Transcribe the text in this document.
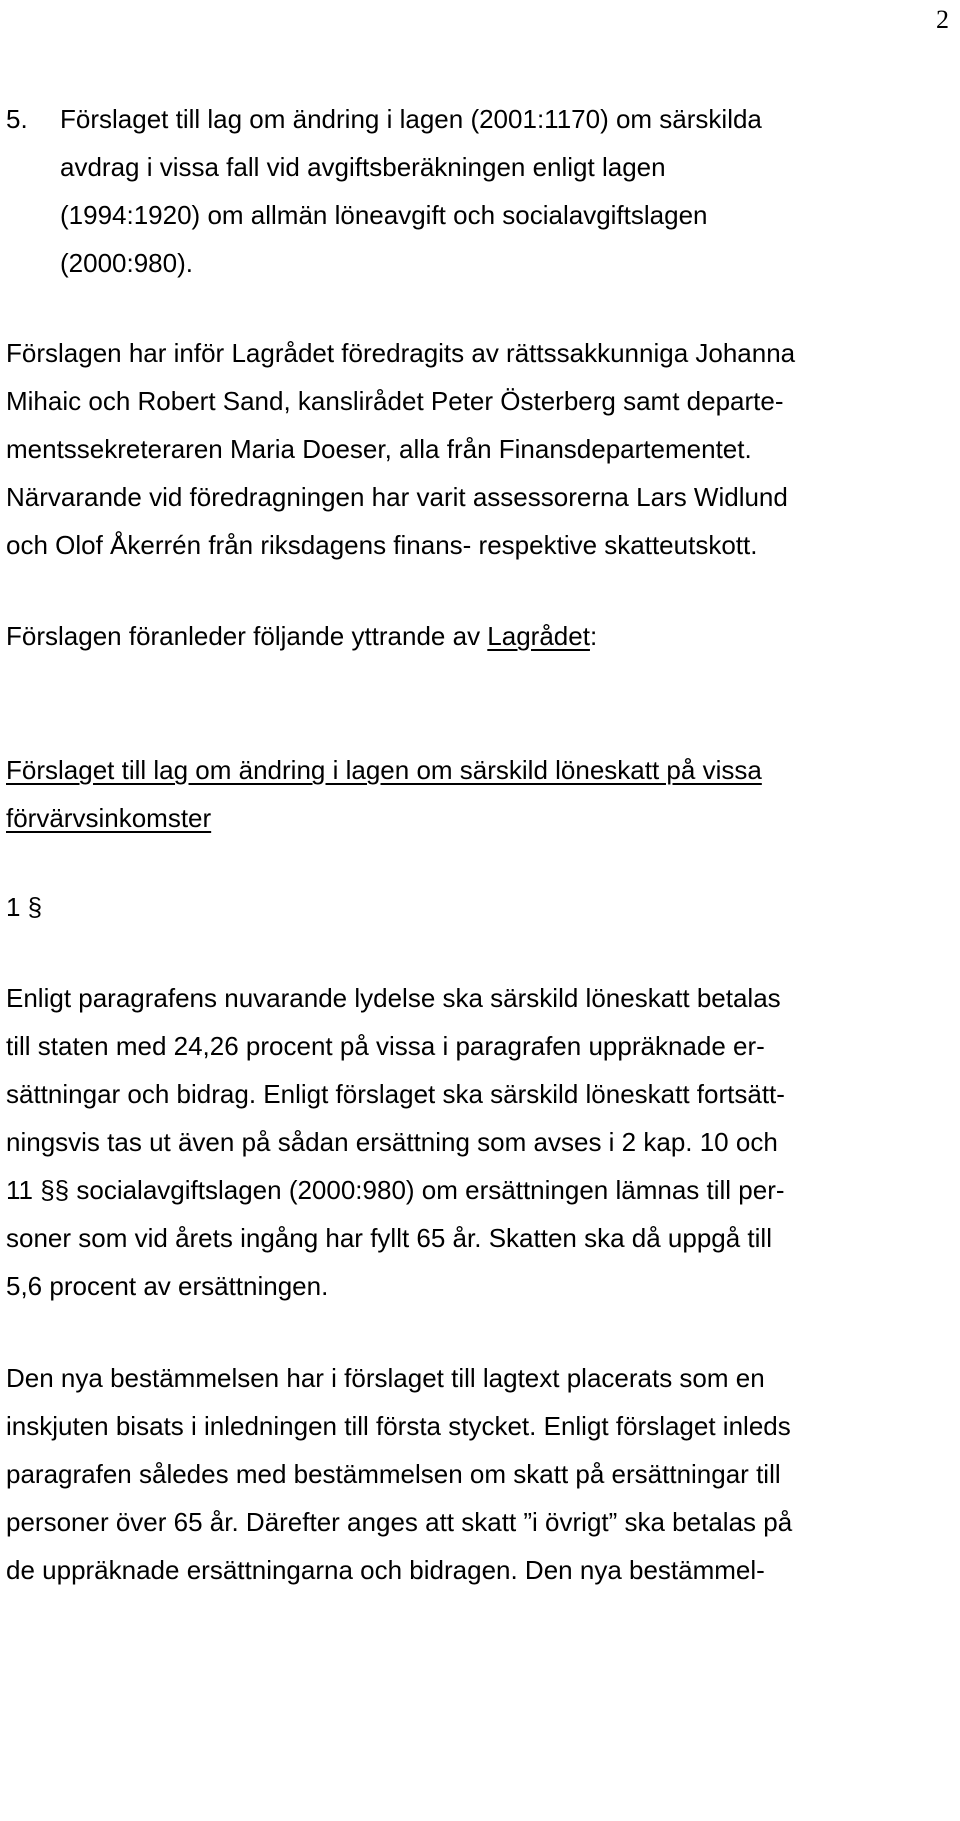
2
5. Förslaget till lag om ändring i lagen (2001:1170) om särskilda
avdrag i vissa fall vid avgiftsberäkningen enligt lagen
(1994:1920) om allmän löneavgift och socialavgiftslagen
(2000:980).
Förslagen har inför Lagrådet föredragits av rättssakkunniga Johanna
Mihaic och Robert Sand, kanslirådet Peter Österberg samt departe-
mentssekreteraren Maria Doeser, alla från Finansdepartementet.
Närvarande vid föredragningen har varit assessorerna Lars Widlund
och Olof Åkerrén från riksdagens finans- respektive skatteutskott.
Förslagen föranleder följande yttrande av Lagrådet:
Förslaget till lag om ändring i lagen om särskild löneskatt på vissa
förvärvsinkomster
1 §
Enligt paragrafens nuvarande lydelse ska särskild löneskatt betalas
till staten med 24,26 procent på vissa i paragrafen uppräknade er-
sättningar och bidrag. Enligt förslaget ska särskild löneskatt fortsätt-
ningsvis tas ut även på sådan ersättning som avses i 2 kap. 10 och
11 §§ socialavgiftslagen (2000:980) om ersättningen lämnas till per-
soner som vid årets ingång har fyllt 65 år. Skatten ska då uppgå till
5,6 procent av ersättningen.
Den nya bestämmelsen har i förslaget till lagtext placerats som en
inskjuten bisats i inledningen till första stycket. Enligt förslaget inleds
paragrafen således med bestämmelsen om skatt på ersättningar till
personer över 65 år. Därefter anges att skatt ”i övrigt” ska betalas på
de uppräknade ersättningarna och bidragen. Den nya bestämmel-
